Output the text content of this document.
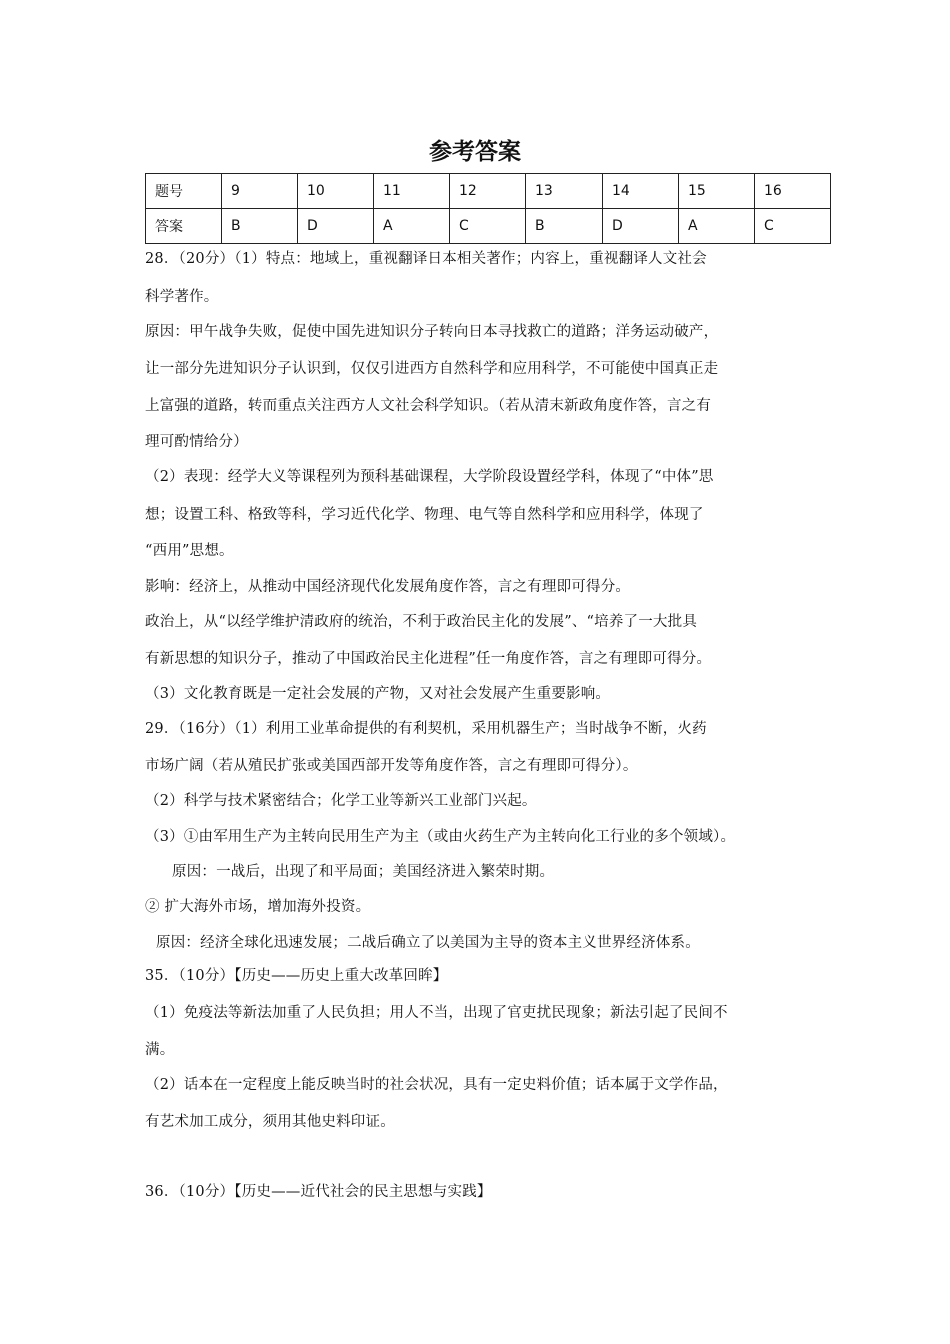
参考答案
题号	9	10	11	12	13	14	15	16
答案	B	D	A	C	B	D	A	C
28．（20分）（1）特点：地域上，重视翻译日本相关著作；内容上，重视翻译人文社会
科学著作。
原因：甲午战争失败，促使中国先进知识分子转向日本寻找救亡的道路；洋务运动破产，
让一部分先进知识分子认识到，仅仅引进西方自然科学和应用科学，不可能使中国真正走
上富强的道路，转而重点关注西方人文社会科学知识。（若从清末新政角度作答，言之有
理可酌情给分）
（2）表现：经学大义等课程列为预科基础课程，大学阶段设置经学科，体现了“中体”思
想；设置工科、格致等科，学习近代化学、物理、电气等自然科学和应用科学，体现了
“西用”思想。
影响：经济上，从推动中国经济现代化发展角度作答，言之有理即可得分。
政治上，从“以经学维护清政府的统治，不利于政治民主化的发展”、“培养了一大批具
有新思想的知识分子，推动了中国政治民主化进程”任一角度作答，言之有理即可得分。
（3）文化教育既是一定社会发展的产物，又对社会发展产生重要影响。
29．（16分）（1）利用工业革命提供的有利契机，采用机器生产；当时战争不断，火药
市场广阔（若从殖民扩张或美国西部开发等角度作答，言之有理即可得分）。
（2）科学与技术紧密结合；化学工业等新兴工业部门兴起。
（3）①由军用生产为主转向民用生产为主（或由火药生产为主转向化工行业的多个领域）。
原因：一战后，出现了和平局面；美国经济进入繁荣时期。
② 扩大海外市场，增加海外投资。
原因：经济全球化迅速发展；二战后确立了以美国为主导的资本主义世界经济体系。
35．（10分）【历史——历史上重大改革回眸】
（1）免疫法等新法加重了人民负担；用人不当，出现了官吏扰民现象；新法引起了民间不
满。
（2）话本在一定程度上能反映当时的社会状况，具有一定史料价值；话本属于文学作品，
有艺术加工成分，须用其他史料印证。
36．（10分）【历史——近代社会的民主思想与实践】
